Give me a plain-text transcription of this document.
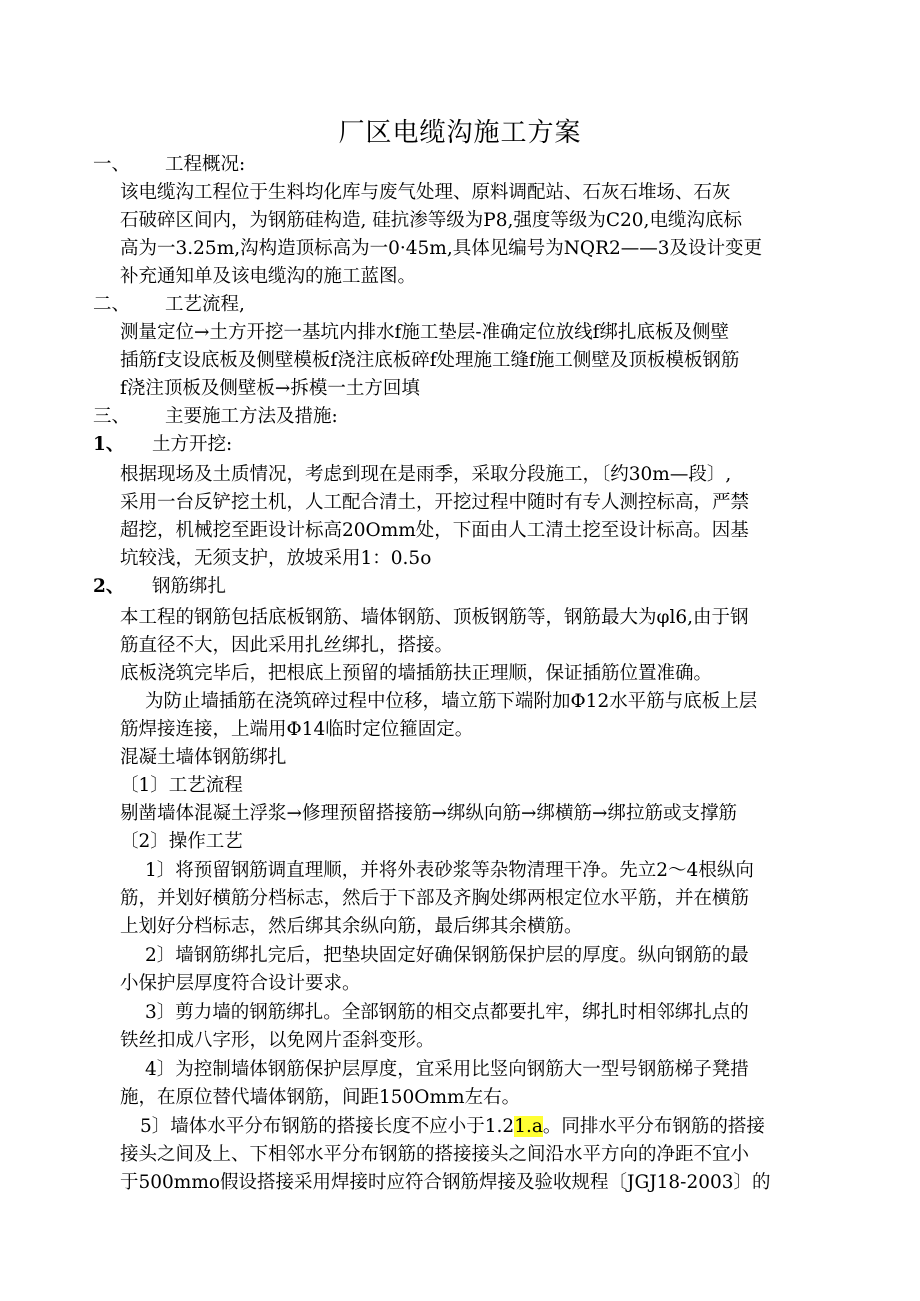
厂区电缆沟施工方案
一、 工程概况:
该电缆沟工程位于生料均化库与废气处理、原料调配站、石灰石堆场、石灰
石破碎区间内，为钢筋硅构造, 硅抗渗等级为P8,强度等级为C20,电缆沟底标
高为一3.25m,沟构造顶标高为一0·45m,具体见编号为NQR2——3及设计变更
补充通知单及该电缆沟的施工蓝图。
二、 工艺流程,
测量定位→土方开挖一基坑内排水f施工垫层-准确定位放线f绑扎底板及侧壁
插筋f支设底板及侧壁模板f浇注底板碎f处理施工缝f施工侧壁及顶板模板钢筋
f浇注顶板及侧壁板→拆模一土方回填
三、 主要施工方法及措施:
1、 土方开挖:
根据现场及土质情况，考虑到现在是雨季，采取分段施工，〔约30m—段〕,
采用一台反铲挖土机，人工配合清土，开挖过程中随时有专人测控标高，严禁
超挖，机械挖至距设计标高20Omm处，下面由人工清土挖至设计标高。因基
坑较浅，无须支护，放坡采用1：0.5o
2、 钢筋绑扎
本工程的钢筋包括底板钢筋、墙体钢筋、顶板钢筋等，钢筋最大为φl6,由于钢
筋直径不大，因此采用扎丝绑扎，搭接。
底板浇筑完毕后，把根底上预留的墙插筋扶正理顺，保证插筋位置准确。
为防止墙插筋在浇筑碎过程中位移，墙立筋下端附加Φ12水平筋与底板上层
筋焊接连接，上端用Φ14临时定位箍固定。
混凝土墙体钢筋绑扎
〔1〕工艺流程
剔凿墙体混凝土浮浆→修理预留搭接筋→绑纵向筋→绑横筋→绑拉筋或支撑筋
〔2〕操作工艺
1〕将预留钢筋调直理顺，并将外表砂浆等杂物清理干净。先立2～4根纵向
筋，并划好横筋分档标志，然后于下部及齐胸处绑两根定位水平筋，并在横筋
上划好分档标志，然后绑其余纵向筋，最后绑其余横筋。
2〕墙钢筋绑扎完后，把垫块固定好确保钢筋保护层的厚度。纵向钢筋的最
小保护层厚度符合设计要求。
3〕剪力墙的钢筋绑扎。全部钢筋的相交点都要扎牢，绑扎时相邻绑扎点的
铁丝扣成八字形，以免网片歪斜变形。
4〕为控制墙体钢筋保护层厚度，宜采用比竖向钢筋大一型号钢筋梯子凳措
施，在原位替代墙体钢筋，间距150Omm左右。
5〕墙体水平分布钢筋的搭接长度不应小于1.21.a。同排水平分布钢筋的搭接
接头之间及上、下相邻水平分布钢筋的搭接接头之间沿水平方向的净距不宜小
于500mmo假设搭接采用焊接时应符合钢筋焊接及验收规程〔JGJ18-2003〕的
